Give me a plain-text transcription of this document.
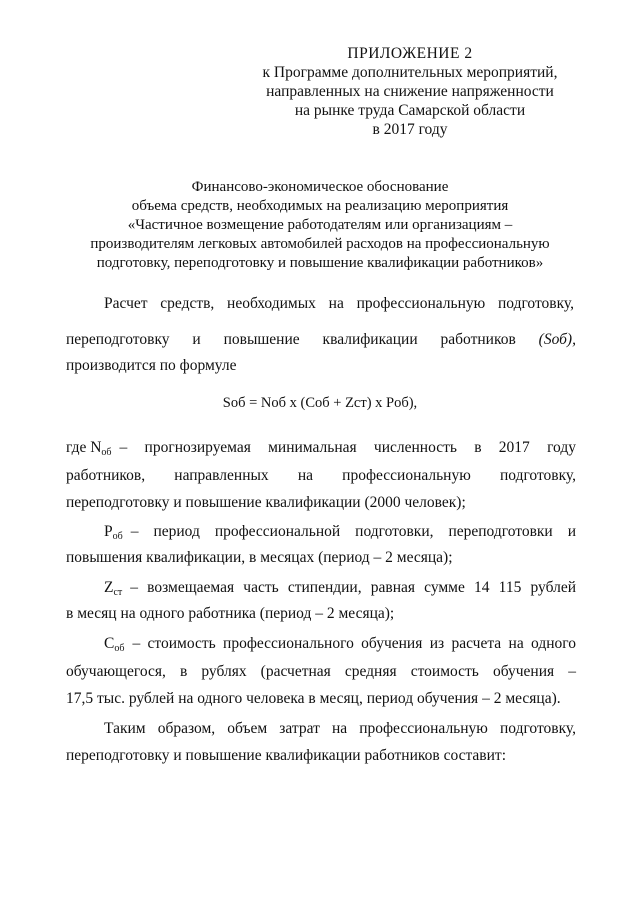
ПРИЛОЖЕНИЕ 2
к Программе дополнительных мероприятий,
направленных на снижение напряженности
на рынке труда Самарской области
в 2017 году
Финансово-экономическое обоснование
объема средств, необходимых на реализацию мероприятия
«Частичное возмещение работодателям или организациям –
производителям легковых автомобилей расходов на профессиональную
подготовку, переподготовку и повышение квалификации работников»
Расчет средств, необходимых на профессиональную подготовку,
переподготовку и повышение квалификации работников (Sоб),
производится по формуле
Sоб = Nоб х (Cоб + Zст) х Pоб),
где $N_{об}$ – прогнозируемая минимальная численность в 2017 году
работников, направленных на профессиональную подготовку,
переподготовку и повышение квалификации (2000 человек);
$P_{об}$ – период профессиональной подготовки, переподготовки и
повышения квалификации, в месяцах (период – 2 месяца);
$Z_{ст}$ – возмещаемая часть стипендии, равная сумме 14 115 рублей
в месяц на одного работника (период – 2 месяца);
$C_{об}$ – стоимость профессионального обучения из расчета на одного
обучающегося, в рублях (расчетная средняя стоимость обучения –
17,5 тыс. рублей на одного человека в месяц, период обучения – 2 месяца).
Таким образом, объем затрат на профессиональную подготовку,
переподготовку и повышение квалификации работников составит:
